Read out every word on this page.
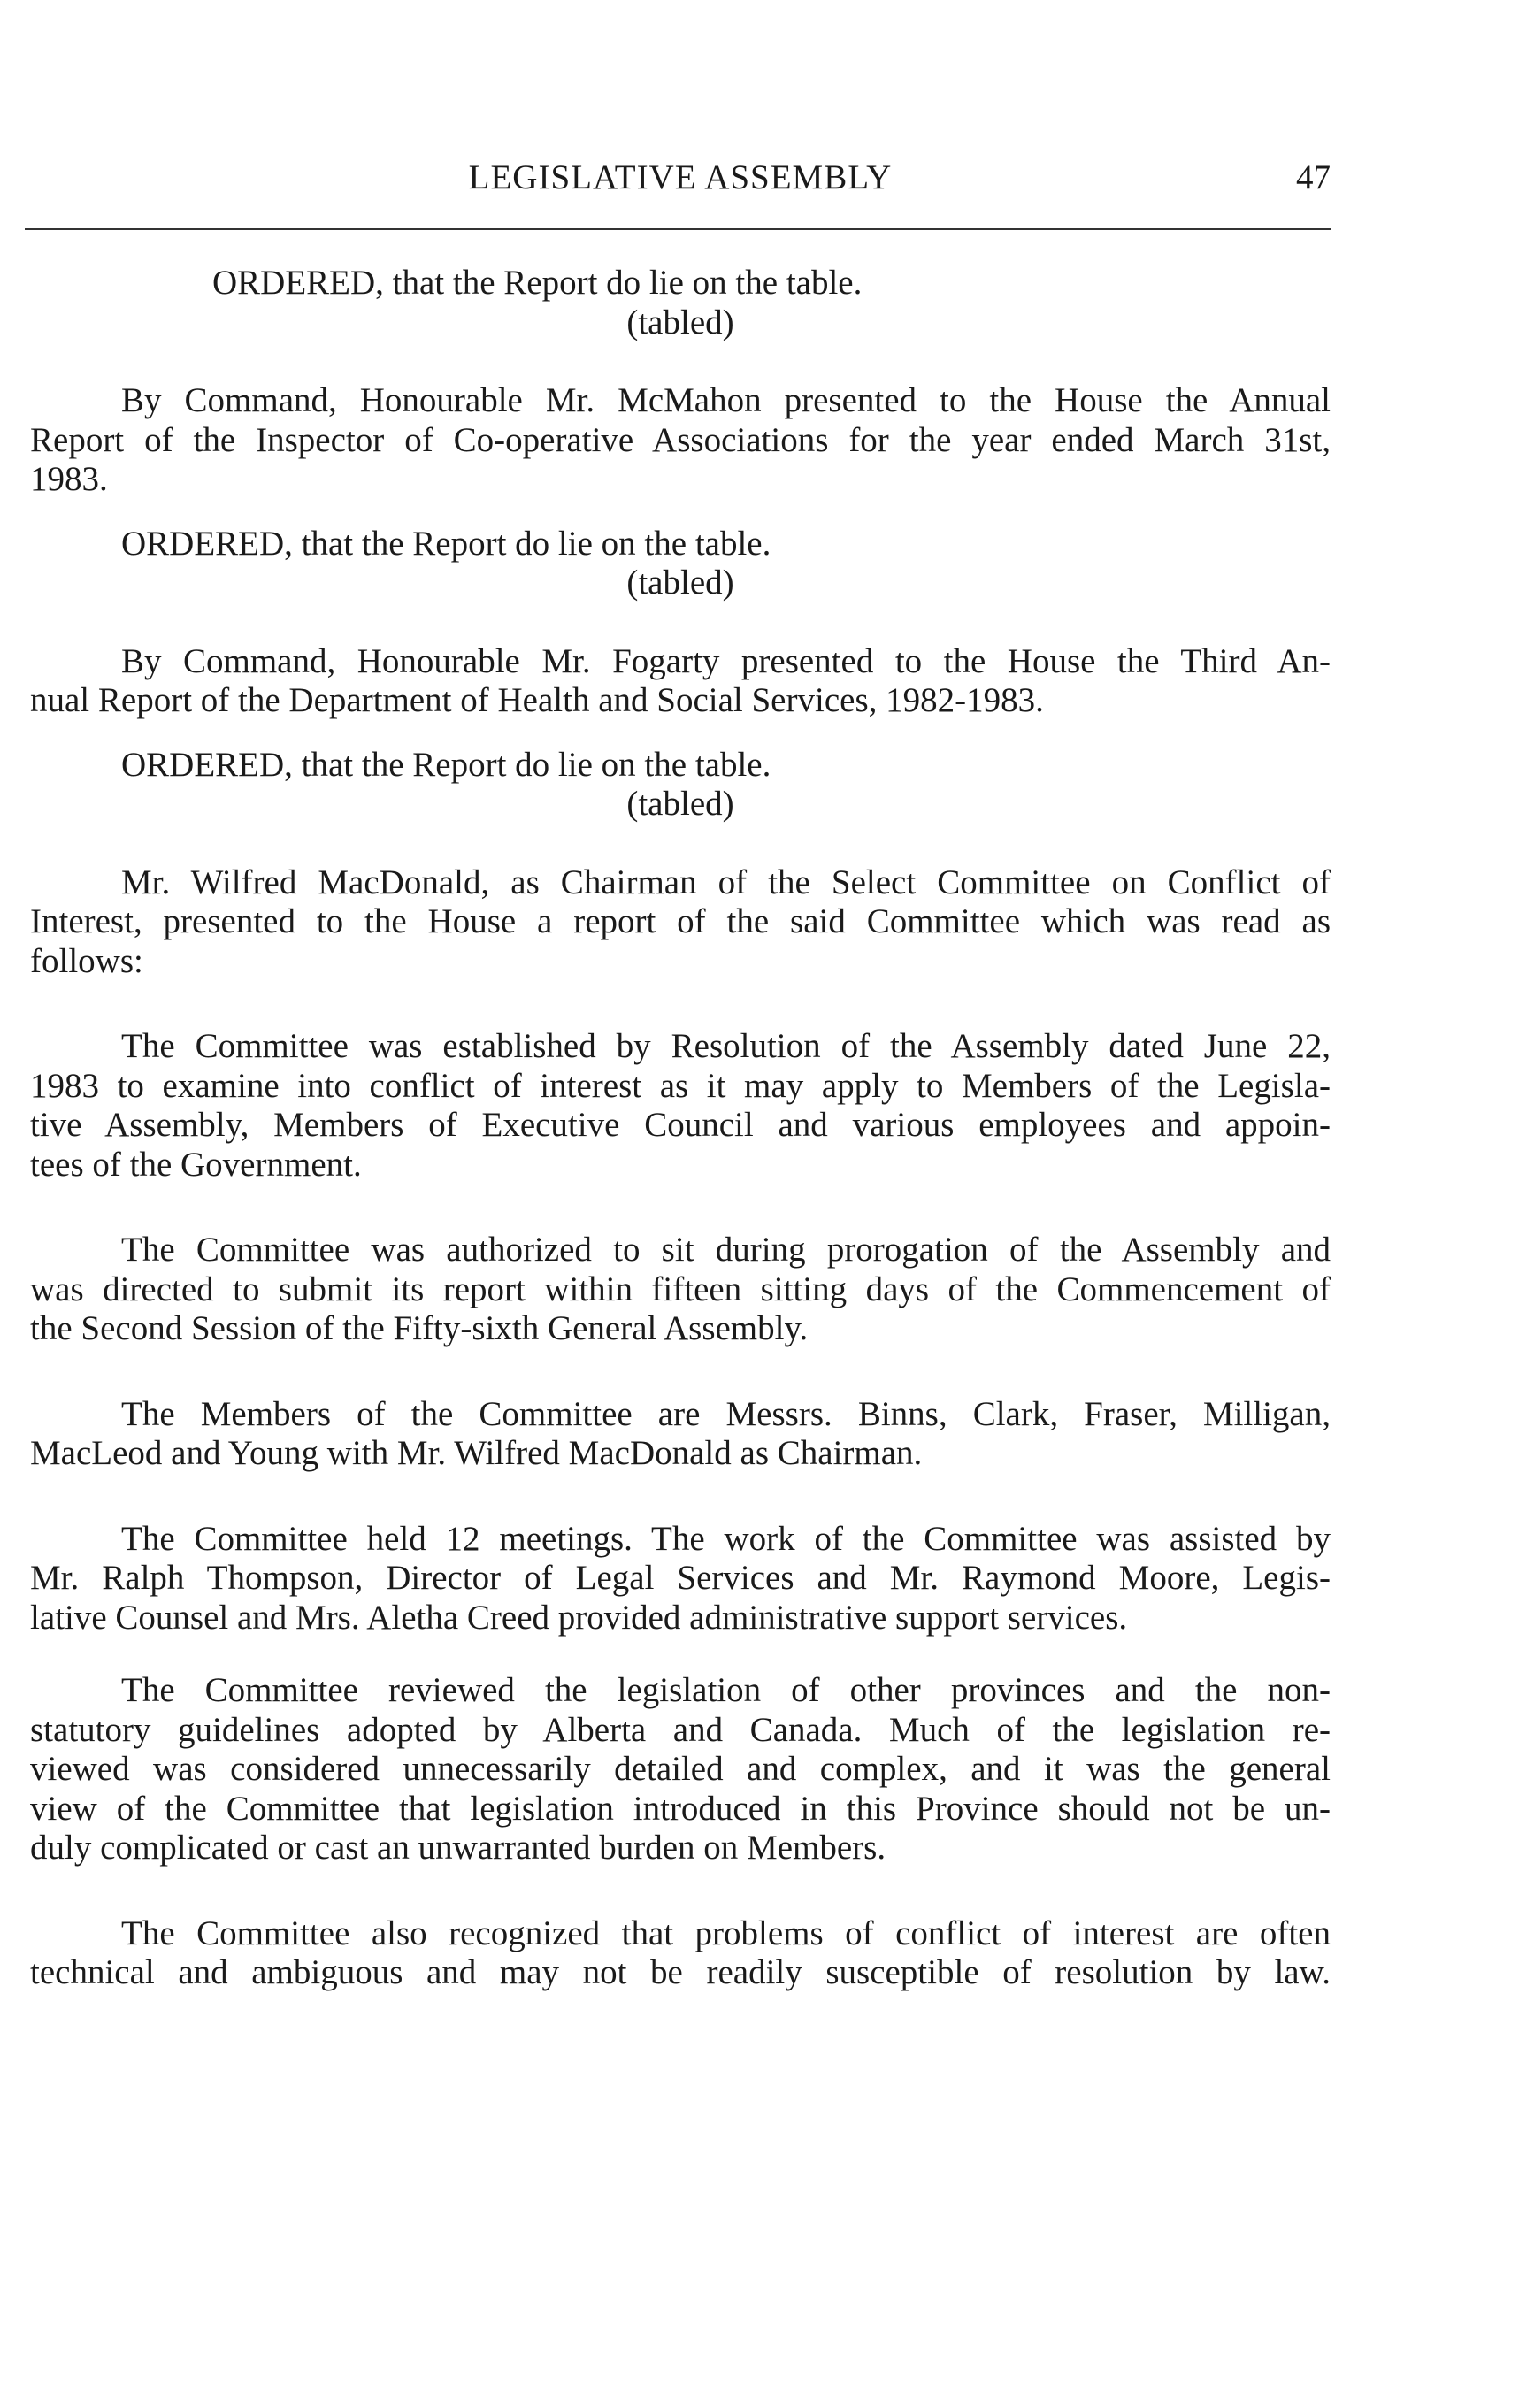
LEGISLATIVE ASSEMBLY	47

ORDERED, that the Report do lie on the table.

(tabled)

By Command, Honourable Mr. McMahon presented to the House the Annual
Report of the Inspector of Co-operative Associations for the year ended March 31st,
1983.

ORDERED, that the Report do lie on the table.

(tabled)

By Command, Honourable Mr. Fogarty presented to the House the Third An-
nual Report of the Department of Health and Social Services, 1982-1983.

ORDERED, that the Report do lie on the table.

(tabled)

Mr. Wilfred MacDonald, as Chairman of the Select Committee on Conflict of
Interest, presented to the House a report of the said Committee which was read as
follows:

The Committee was established by Resolution of the Assembly dated June 22,
1983 to examine into conflict of interest as it may apply to Members of the Legisla-
tive Assembly, Members of Executive Council and various employees and appoin-
tees of the Government.

The Committee was authorized to sit during prorogation of the Assembly and
was directed to submit its report within fifteen sitting days of the Commencement of
the Second Session of the Fifty-sixth General Assembly.

The Members of the Committee are Messrs. Binns, Clark, Fraser, Milligan,
MacLeod and Young with Mr. Wilfred MacDonald as Chairman.

The Committee held 12 meetings. The work of the Committee was assisted by
Mr. Ralph Thompson, Director of Legal Services and Mr. Raymond Moore, Legis-
lative Counsel and Mrs. Aletha Creed provided administrative support services.

The Committee reviewed the legislation of other provinces and the non-
statutory guidelines adopted by Alberta and Canada. Much of the legislation re-
viewed was considered unnecessarily detailed and complex, and it was the general
view of the Committee that legislation introduced in this Province should not be un-
duly complicated or cast an unwarranted burden on Members.

The Committee also recognized that problems of conflict of interest are often
technical and ambiguous and may not be readily susceptible of resolution by law.
